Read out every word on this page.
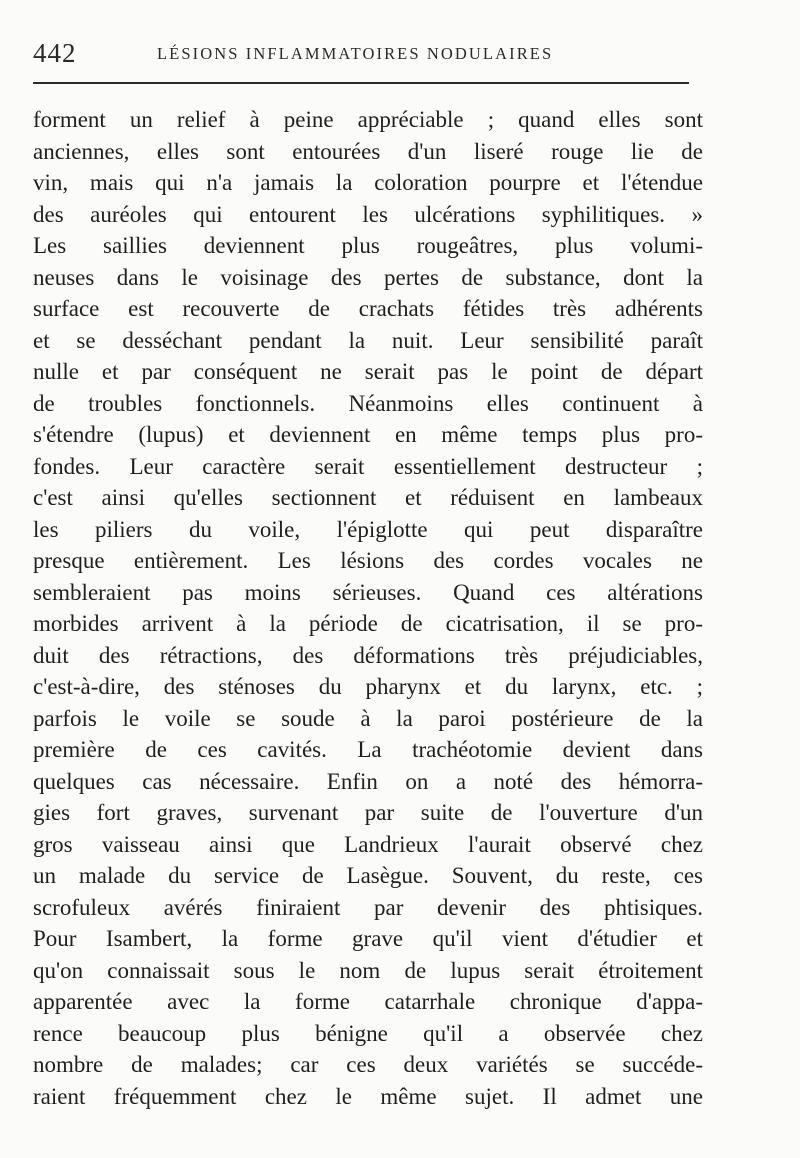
442	LÉSIONS INFLAMMATOIRES NODULAIRES
forment un relief à peine appréciable ; quand elles sont
anciennes, elles sont entourées d'un liseré rouge lie de
vin, mais qui n'a jamais la coloration pourpre et l'étendue
des auréoles qui entourent les ulcérations syphilitiques. »
Les saillies deviennent plus rougeâtres, plus volumi-
neuses dans le voisinage des pertes de substance, dont la
surface est recouverte de crachats fétides très adhérents
et se desséchant pendant la nuit. Leur sensibilité paraît
nulle et par conséquent ne serait pas le point de départ
de troubles fonctionnels. Néanmoins elles continuent à
s'étendre (lupus) et deviennent en même temps plus pro-
fondes. Leur caractère serait essentiellement destructeur ;
c'est ainsi qu'elles sectionnent et réduisent en lambeaux
les piliers du voile, l'épiglotte qui peut disparaître
presque entièrement. Les lésions des cordes vocales ne
sembleraient pas moins sérieuses. Quand ces altérations
morbides arrivent à la période de cicatrisation, il se pro-
duit des rétractions, des déformations très préjudiciables,
c'est-à-dire, des sténoses du pharynx et du larynx, etc. ;
parfois le voile se soude à la paroi postérieure de la
première de ces cavités. La trachéotomie devient dans
quelques cas nécessaire. Enfin on a noté des hémorra-
gies fort graves, survenant par suite de l'ouverture d'un
gros vaisseau ainsi que Landrieux l'aurait observé chez
un malade du service de Lasègue. Souvent, du reste, ces
scrofuleux avérés finiraient par devenir des phtisiques.
Pour Isambert, la forme grave qu'il vient d'étudier et
qu'on connaissait sous le nom de lupus serait étroitement
apparentée avec la forme catarrhale chronique d'appa-
rence beaucoup plus bénigne qu'il a observée chez
nombre de malades; car ces deux variétés se succéde-
raient fréquemment chez le même sujet. Il admet une
